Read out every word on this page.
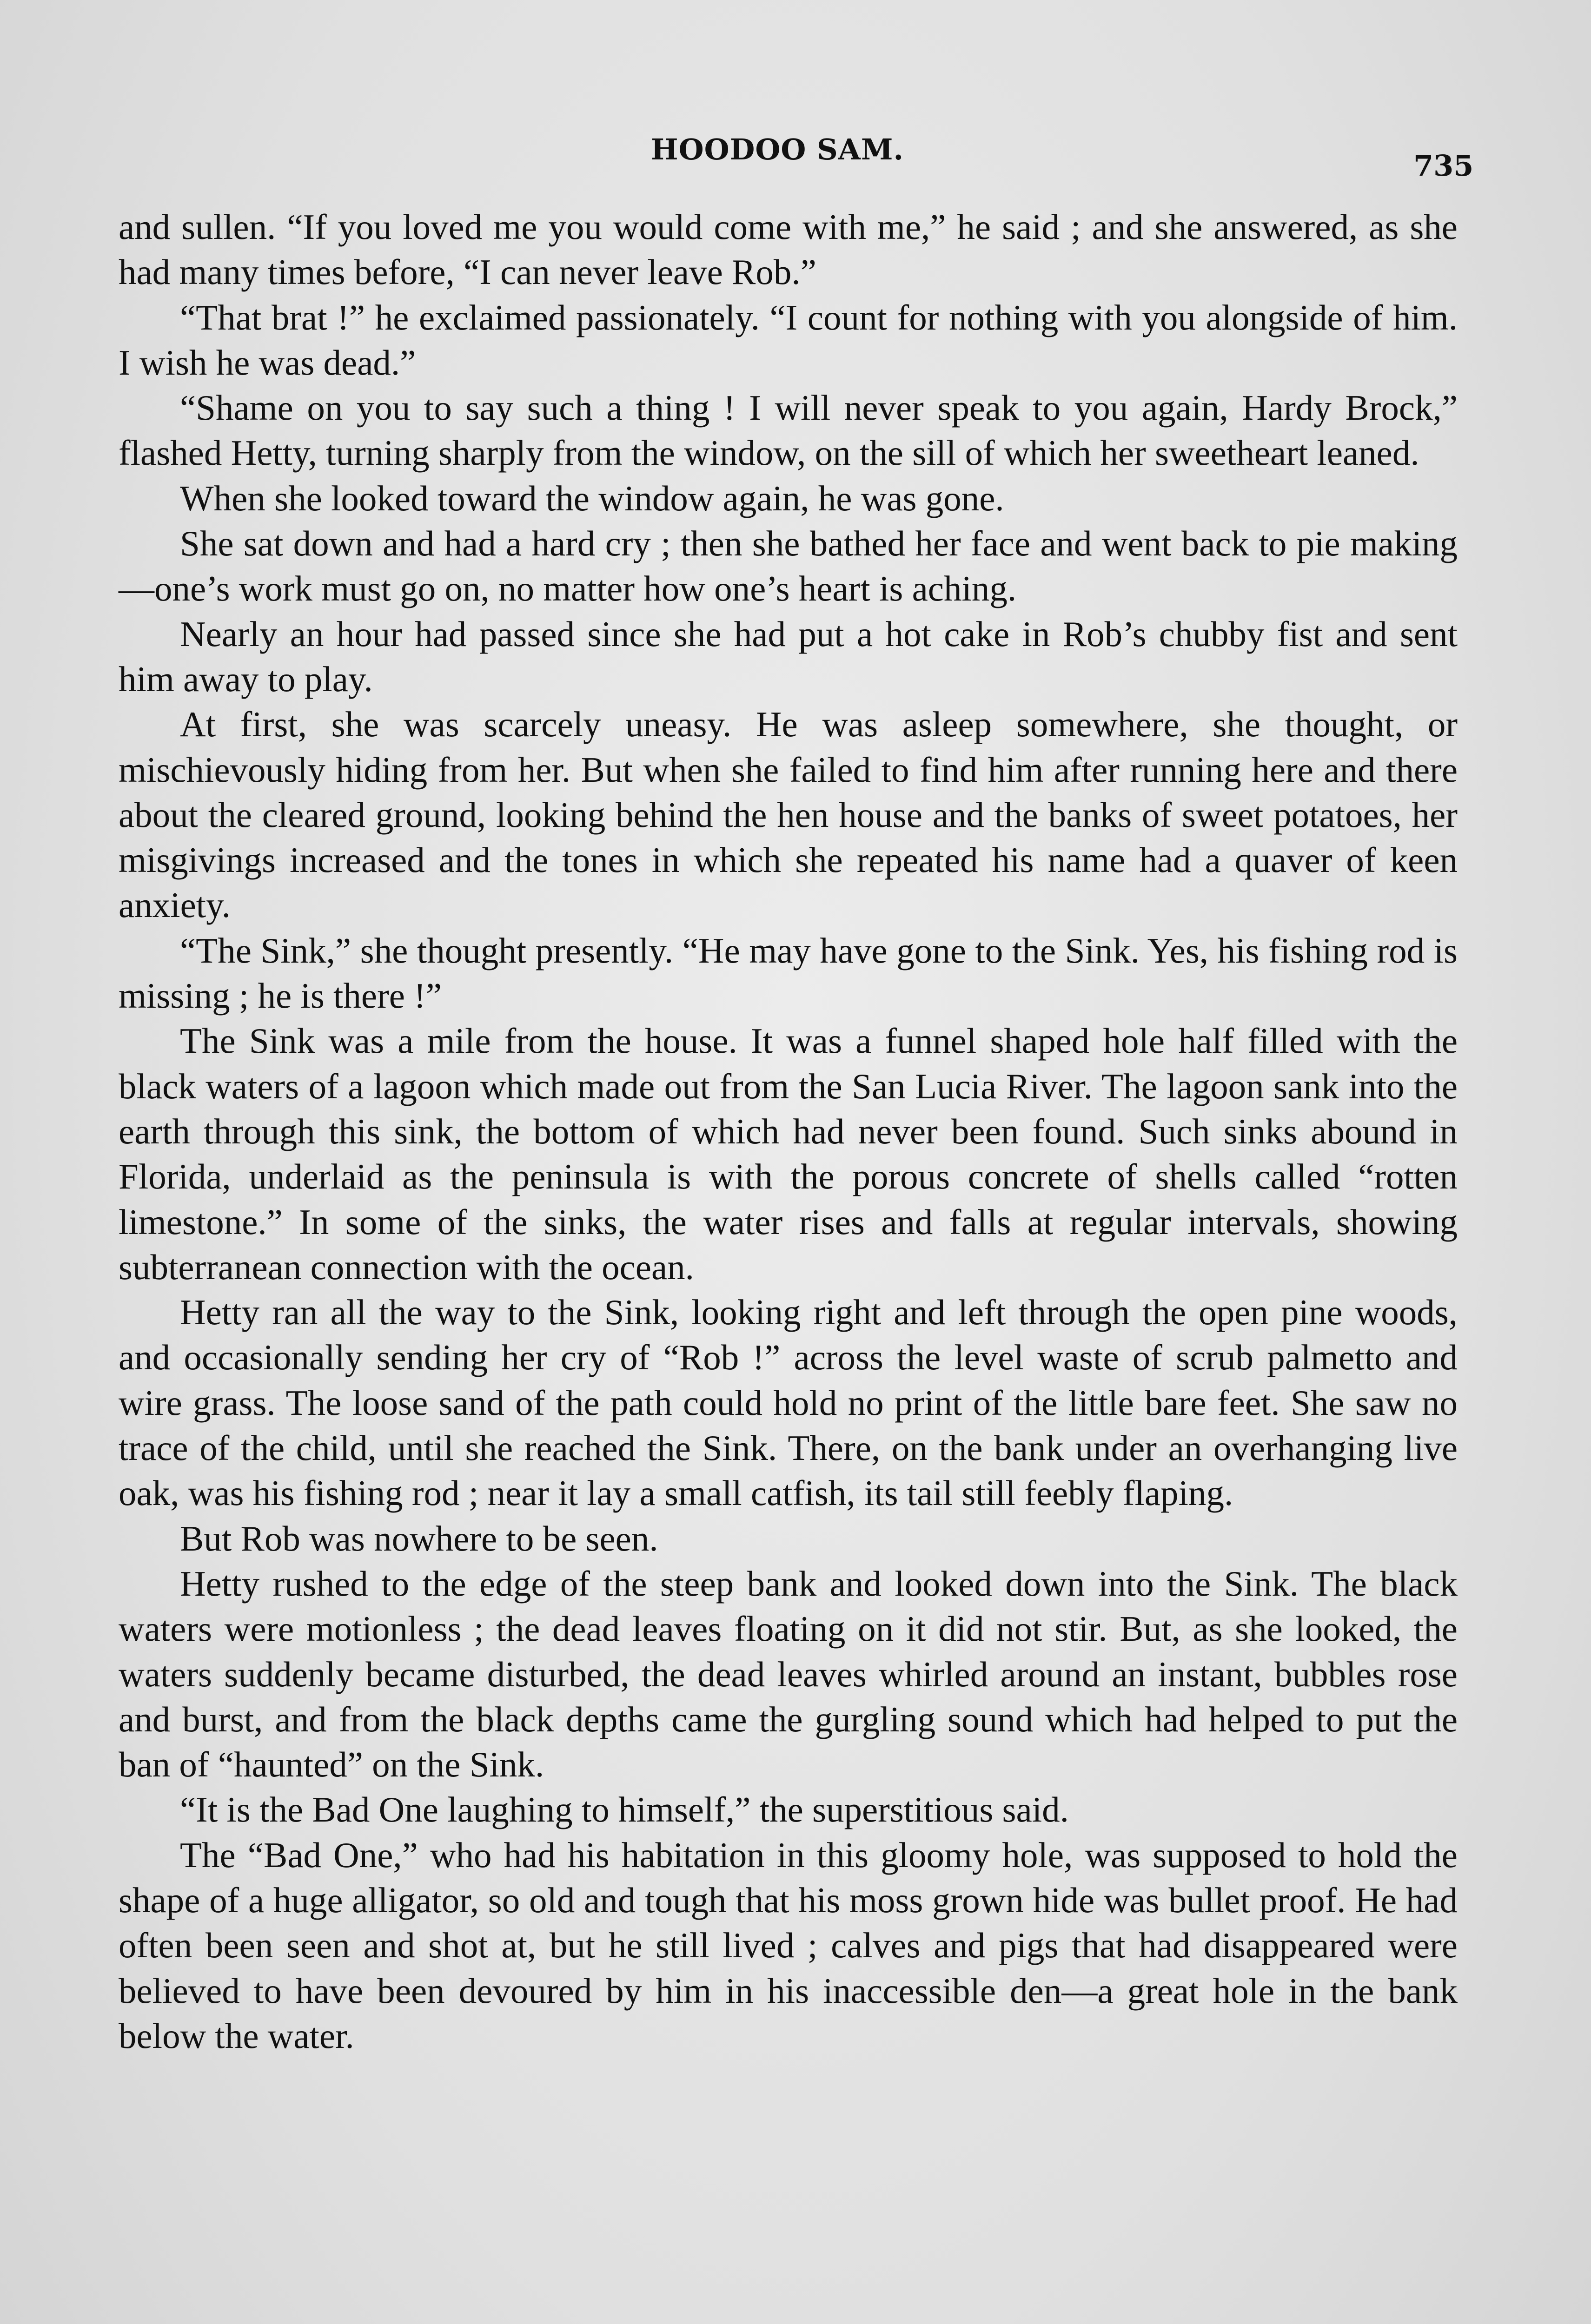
HOODOO SAM.	735

and sullen. “If you loved me you would come with me,” he said ; and she answered, as she had many times before, “I can never leave Rob.”

“That brat !” he exclaimed passionately. “I count for nothing with you alongside of him. I wish he was dead.”

“Shame on you to say such a thing ! I will never speak to you again, Hardy Brock,” flashed Hetty, turning sharply from the window, on the sill of which her sweetheart leaned.

When she looked toward the window again, he was gone.

She sat down and had a hard cry ; then she bathed her face and went back to pie making—one’s work must go on, no matter how one’s heart is aching.

Nearly an hour had passed since she had put a hot cake in Rob’s chubby fist and sent him away to play.

At first, she was scarcely uneasy. He was asleep somewhere, she thought, or mischievously hiding from her. But when she failed to find him after running here and there about the cleared ground, looking behind the hen house and the banks of sweet potatoes, her misgivings increased and the tones in which she repeated his name had a quaver of keen anxiety.

“The Sink,” she thought presently. “He may have gone to the Sink. Yes, his fishing rod is missing ; he is there !”

The Sink was a mile from the house. It was a funnel shaped hole half filled with the black waters of a lagoon which made out from the San Lucia River. The lagoon sank into the earth through this sink, the bottom of which had never been found. Such sinks abound in Florida, underlaid as the peninsula is with the porous concrete of shells called “rotten limestone.” In some of the sinks, the water rises and falls at regular intervals, showing subterranean connection with the ocean.

Hetty ran all the way to the Sink, looking right and left through the open pine woods, and occasionally sending her cry of “Rob !” across the level waste of scrub palmetto and wire grass. The loose sand of the path could hold no print of the little bare feet. She saw no trace of the child, until she reached the Sink. There, on the bank under an overhanging live oak, was his fishing rod ; near it lay a small catfish, its tail still feebly flaping.

But Rob was nowhere to be seen.

Hetty rushed to the edge of the steep bank and looked down into the Sink. The black waters were motionless ; the dead leaves floating on it did not stir. But, as she looked, the waters suddenly became disturbed, the dead leaves whirled around an instant, bubbles rose and burst, and from the black depths came the gurgling sound which had helped to put the ban of “haunted” on the Sink.

“It is the Bad One laughing to himself,” the superstitious said.

The “Bad One,” who had his habitation in this gloomy hole, was supposed to hold the shape of a huge alligator, so old and tough that his moss grown hide was bullet proof. He had often been seen and shot at, but he still lived ; calves and pigs that had disappeared were believed to have been devoured by him in his inaccessible den—a great hole in the bank below the water.
